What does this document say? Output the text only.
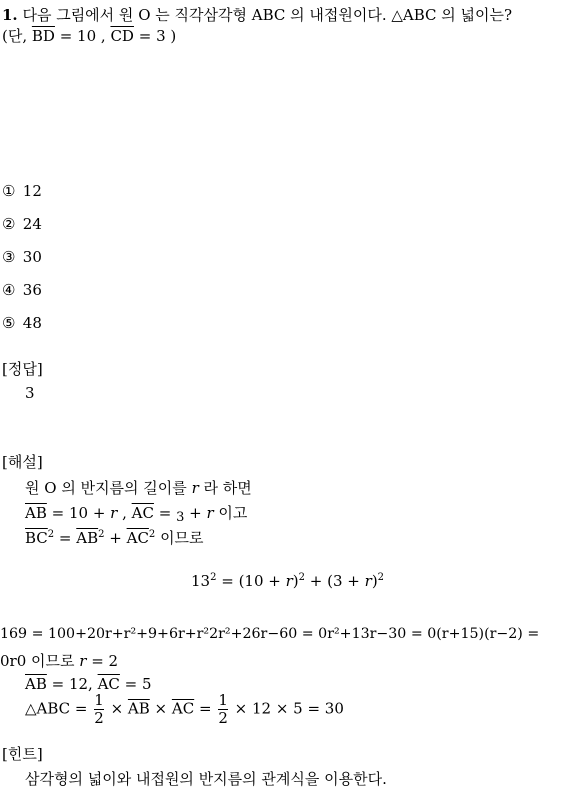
1. 다음 그림에서 원 O 는 직각삼각형 ABC 의 내접원이다. △ABC 의 넓이는?
(단, $\overline{BD} = 10$ , $\overline{CD} = 3$ )
① 12
② 24
③ 30
④ 36
⑤ 48
[정답]
3
[해설]
원 O 의 반지름의 길이를 r 라 하면
$\overline{AB} = 10 + r$ , $\overline{AC} = 3 + r$ 이고
$\overline{BC}^2 = \overline{AB}^2 + \overline{AC}^2$ 이므로
$13^2 = (10 + r)^2 + (3 + r)^2$
169 = 100+20r+r²+9+6r+r²2r²+26r−60 = 0r²+13r−30 = 0(r+15)(r−2) =
0r0 이므로 r = 2
$\overline{AB} = 12$, $\overline{AC} = 5$
△ABC = $\frac{1}{2} \times \overline{AB} \times \overline{AC} = \frac{1}{2} \times 12 \times 5 = 30$
[힌트]
삼각형의 넓이와 내접원의 반지름의 관계식을 이용한다.
